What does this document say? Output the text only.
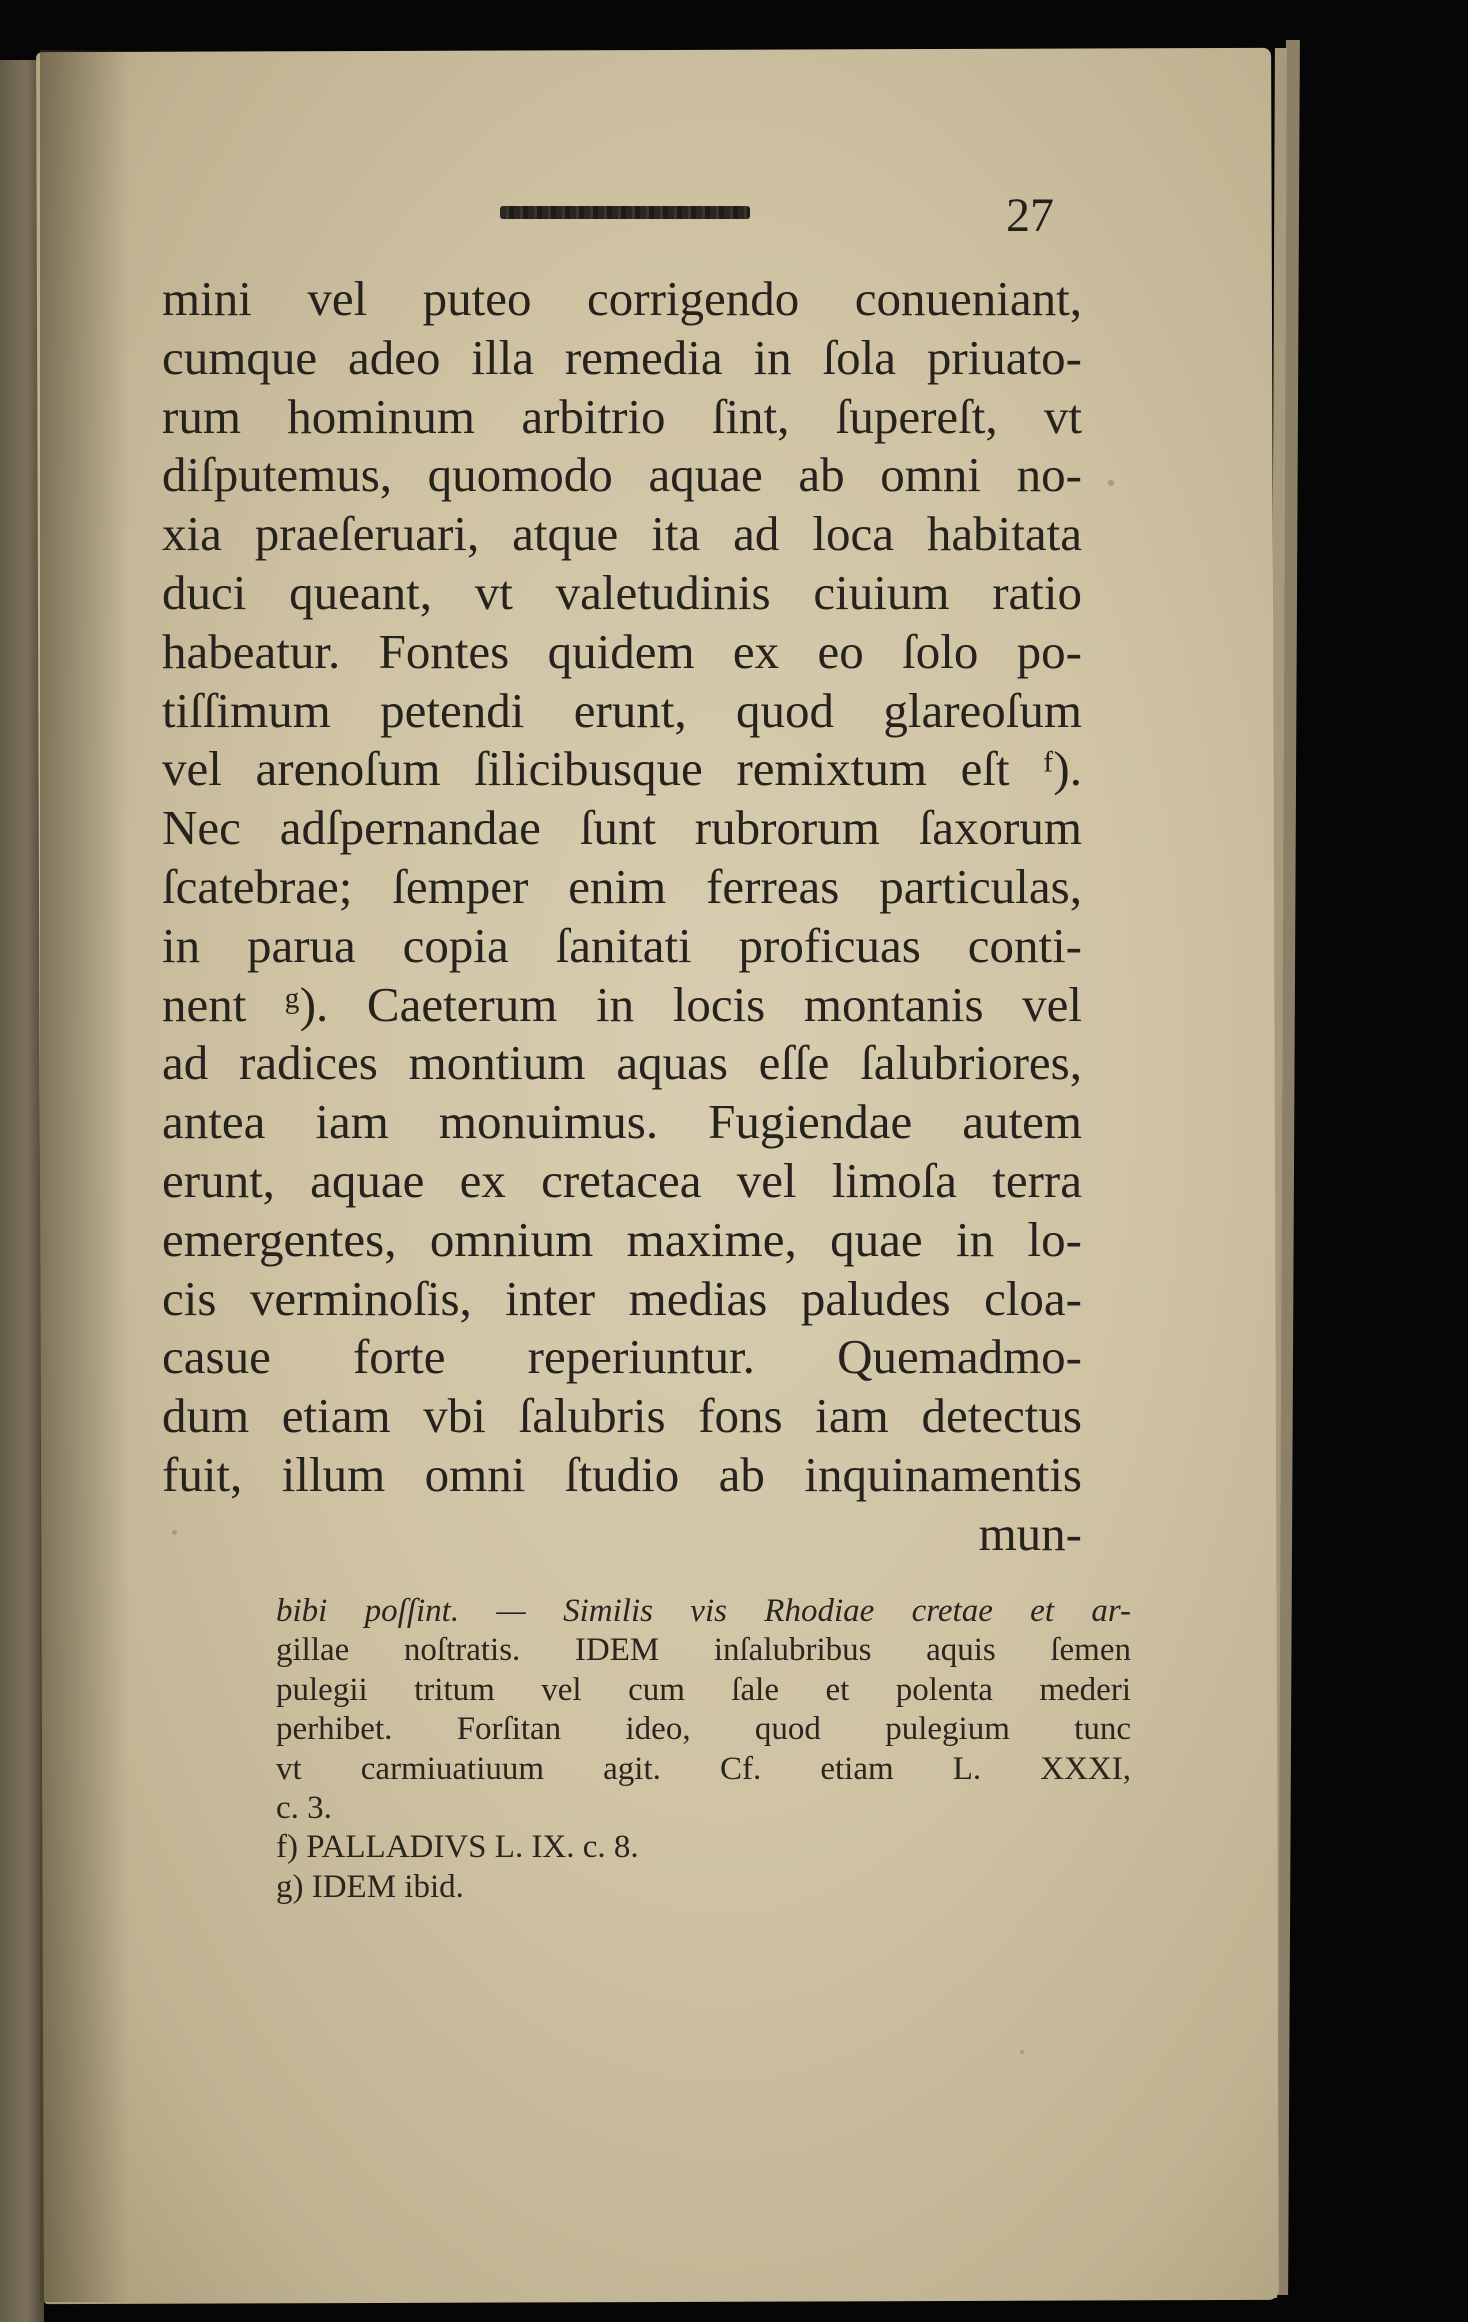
27
mini vel puteo corrigendo conueniant,
cumque adeo illa remedia in ſola priuato-
rum hominum arbitrio ſint, ſupereſt, vt
diſputemus, quomodo aquae ab omni no-
xia praeſeruari, atque ita ad loca habitata
duci queant, vt valetudinis ciuium ratio
habeatur. Fontes quidem ex eo ſolo po-
tiſſimum petendi erunt, quod glareoſum
vel arenoſum ſilicibusque remixtum eſt ᶠ).
Nec adſpernandae ſunt rubrorum ſaxorum
ſcatebrae; ſemper enim ferreas particulas,
in parua copia ſanitati proficuas conti-
nent ᵍ). Caeterum in locis montanis vel
ad radices montium aquas eſſe ſalubriores,
antea iam monuimus. Fugiendae autem
erunt, aquae ex cretacea vel limoſa terra
emergentes, omnium maxime, quae in lo-
cis verminoſis, inter medias paludes cloa-
casue forte reperiuntur. Quemadmo-
dum etiam vbi ſalubris fons iam detectus
fuit, illum omni ſtudio ab inquinamentis
mun-
bibi poſſint. — Similis vis Rhodiae cretae et ar-
gillae noſtratis. IDEM inſalubribus aquis ſemen
pulegii tritum vel cum ſale et polenta mederi
perhibet. Forſitan ideo, quod pulegium tunc
vt carmiuatiuum agit. Cf. etiam L. XXXI,
c. 3.
f) PALLADIVS L. IX. c. 8.
g) IDEM ibid.
